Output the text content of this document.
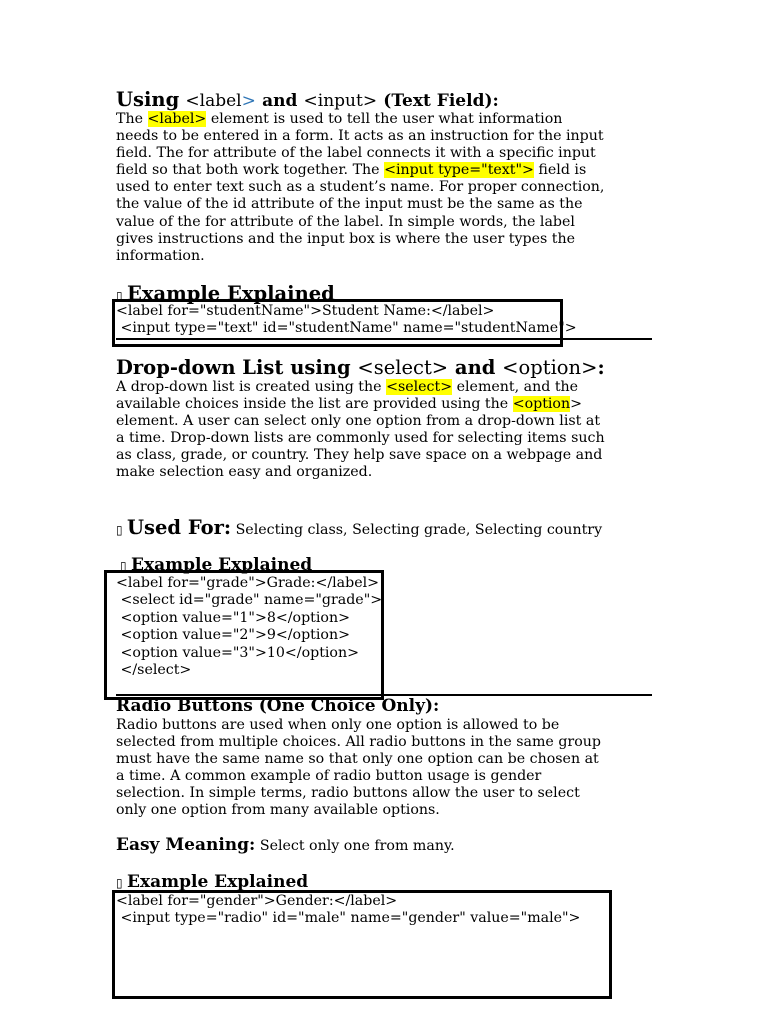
Using <label> and <input> (Text Field):
The <label> element is used to tell the user what information
needs to be entered in a form. It acts as an instruction for the input
field. The for attribute of the label connects it with a specific input
field so that both work together. The <input type="text"> field is
used to enter text such as a student’s name. For proper connection,
the value of the id attribute of the input must be the same as the
value of the for attribute of the label. In simple words, the label
gives instructions and the input box is where the user types the
information.
▯ Example Explained
<label for="studentName">Student Name:</label>
<input type="text" id="studentName" name="studentName">
Drop-down List using <select> and <option>:
A drop-down list is created using the <select> element, and the
available choices inside the list are provided using the <option>
element. A user can select only one option from a drop-down list at
a time. Drop-down lists are commonly used for selecting items such
as class, grade, or country. They help save space on a webpage and
make selection easy and organized.
▯ Used For: Selecting class, Selecting grade, Selecting country
▯ Example Explained
<label for="grade">Grade:</label>
<select id="grade" name="grade">
<option value="1">8</option>
<option value="2">9</option>
<option value="3">10</option>
</select>
Radio Buttons (One Choice Only):
Radio buttons are used when only one option is allowed to be
selected from multiple choices. All radio buttons in the same group
must have the same name so that only one option can be chosen at
a time. A common example of radio button usage is gender
selection. In simple terms, radio buttons allow the user to select
only one option from many available options.
Easy Meaning: Select only one from many.
▯ Example Explained
<label for="gender">Gender:</label>
<input type="radio" id="male" name="gender" value="male">
